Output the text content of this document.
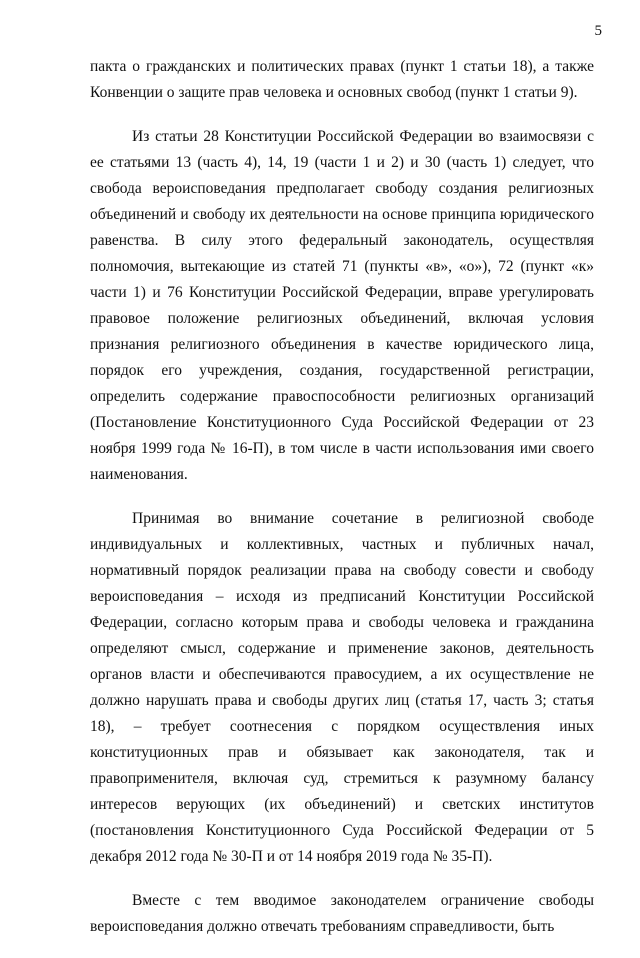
5

пакта о гражданских и политических правах (пункт 1 статьи 18), а также Конвенции о защите прав человека и основных свобод (пункт 1 статьи 9).

Из статьи 28 Конституции Российской Федерации во взаимосвязи с ее статьями 13 (часть 4), 14, 19 (части 1 и 2) и 30 (часть 1) следует, что свобода вероисповедания предполагает свободу создания религиозных объединений и свободу их деятельности на основе принципа юридического равенства. В силу этого федеральный законодатель, осуществляя полномочия, вытекающие из статей 71 (пункты «в», «о»), 72 (пункт «к» части 1) и 76 Конституции Российской Федерации, вправе урегулировать правовое положение религиозных объединений, включая условия признания религиозного объединения в качестве юридического лица, порядок его учреждения, создания, государственной регистрации, определить содержание правоспособности религиозных организаций (Постановление Конституционного Суда Российской Федерации от 23 ноября 1999 года № 16-П), в том числе в части использования ими своего наименования.

Принимая во внимание сочетание в религиозной свободе индивидуальных и коллективных, частных и публичных начал, нормативный порядок реализации права на свободу совести и свободу вероисповедания – исходя из предписаний Конституции Российской Федерации, согласно которым права и свободы человека и гражданина определяют смысл, содержание и применение законов, деятельность органов власти и обеспечиваются правосудием, а их осуществление не должно нарушать права и свободы других лиц (статья 17, часть 3; статья 18), – требует соотнесения с порядком осуществления иных конституционных прав и обязывает как законодателя, так и правоприменителя, включая суд, стремиться к разумному балансу интересов верующих (их объединений) и светских институтов (постановления Конституционного Суда Российской Федерации от 5 декабря 2012 года № 30-П и от 14 ноября 2019 года № 35-П).

Вместе с тем вводимое законодателем ограничение свободы вероисповедания должно отвечать требованиям справедливости, быть
